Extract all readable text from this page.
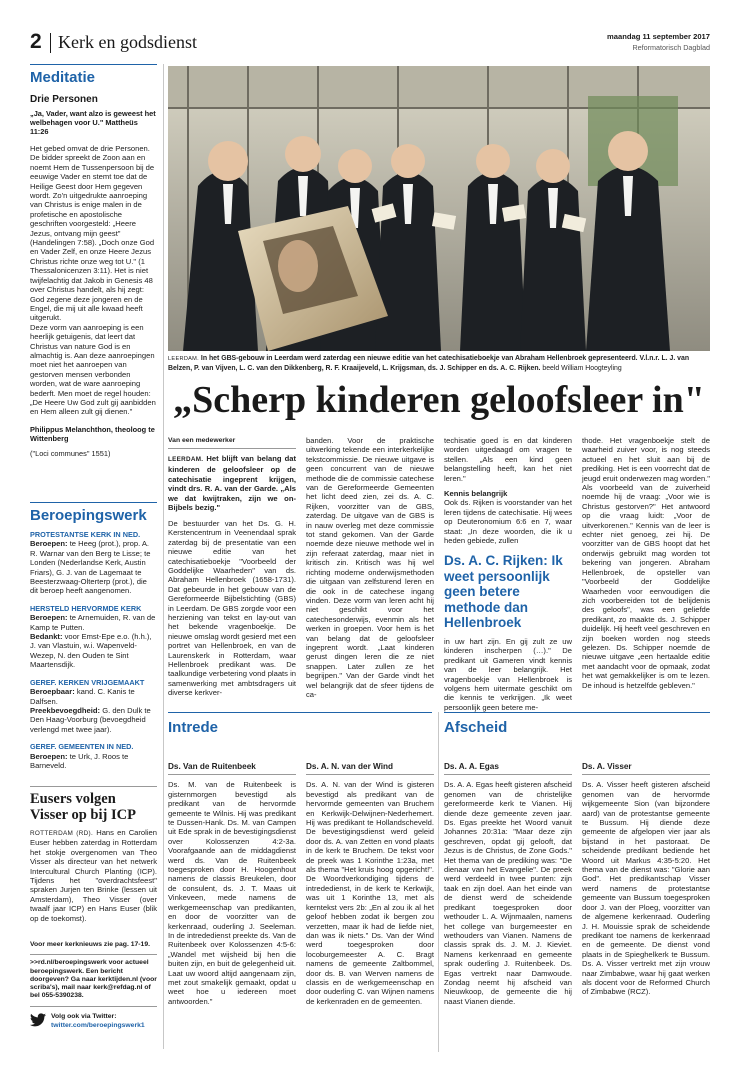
2 Kerk en godsdienst	maandag 11 september 2017
Reformatorisch Dagblad
Meditatie
Drie Personen
„Ja, Vader, want alzo is geweest het welbehagen voor U." Mattheüs 11:26

Het gebed omvat de drie Personen. De bidder spreekt de Zoon aan en noemt Hem de Tussenpersoon bij de eeuwige Vader en stemt toe dat de Heilige Geest door Hem gegeven wordt. Zo'n uitgedrukte aanroeping van Christus is enige malen in de profetische en apostolische geschriften voorgesteld: „Heere Jezus, ontvang mijn geest" (Handelingen 7:58). „Doch onze God en Vader Zelf, en onze Heere Jezus Christus richte onze weg tot U." (1 Thessalonicenzen 3:11). Het is niet twijfelachtig dat Jakob in Genesis 48 over Christus handelt, als hij zegt: God zegene deze jongeren en de Engel, die mij uit alle kwaad heeft uitgerukt.

Deze vorm van aanroeping is een heerlijk getuigenis, dat leert dat Christus van nature God is en almachtig is. Aan deze aanroepingen moet niet het aanroepen van gestorven mensen verbonden worden, wat de ware aanroeping bederft. Men moet de regel houden: „De Heere Uw God zult gij aanbidden en Hem alleen zult gij dienen."

Philippus Melanchthon, theoloog te Wittenberg
("Loci communes" 1551)
Beroepingswerk
PROTESTANTSE KERK IN NED.

Beroepen: te Heeg (prot.), prop. A. R. Warnar van den Berg te Lisse; te Londen (Nederlandse Kerk, Austin Friars), G. J. van de Lagemaat te Beesterzwaag-Olterterp (prot.), die dit beroep heeft aangenomen.

HERSTELD HERVORMDE KERK

Beroepen: te Arnemuiden, R. van de Kamp te Putten.

Bedankt: voor Emst-Epe e.o. (h.h.), J. van Vlastuin, w.i. Wapenveld-Wezep, N. den Ouden te Sint Maartensdijk.

GEREF. KERKEN VRIJGEMAAKT

Beroepbaar: kand. C. Kanis te Dalfsen.

Preekbevoegdheid: G. den Dulk te Den Haag-Voorburg (bevoegdheid verlengd met twee jaar).

GEREF. GEMEENTEN IN NED.

Beroepen: te Urk, J. Roos te Barneveld.

Eusers volgen Visser op bij ICP

ROTTERDAM (RD). Hans en Carolien Euser hebben zaterdag in Rotterdam het stokje overgenomen van Theo Visser als directeur van het netwerk Intercultural Church Planting (ICP). Tijdens het "overdrachtsfeest" spraken Jurjen ten Brinke (lessen uit Amsterdam), Theo Visser (over twaalf jaar ICP) en Hans Euser (blik op de toekomst).

Voor meer kerknieuws zie pag. 17-19.
>>rd.nl/beroepingswerk voor actueel beroepingswerk. Een bericht doorgeven? Ga naar kerktijden.nl (voor scriba's), mail naar kerk@refdag.nl of bel 055-5390238.
Volg ook via Twitter:
twitter.com/beroepingswerk1
LEERDAM. In het GBS-gebouw in Leerdam werd zaterdag een nieuwe editie van het catechisatieboekje van Abraham Hellenbroek gepresenteerd. V.l.n.r. L. J. van Belzen, P. van Vijven, L. C. van den Dikkenberg, R. F. Kraaijeveld, L. Krijgsman, ds. J. Schipper en ds. A. C. Rijken. beeld William Hoogteyling
„Scherp kinderen geloofsleer in"
Van een medewerker

LEERDAM. Het blijft van belang dat kinderen de geloofsleer op de catechisatie ingeprent krijgen, vindt drs. R. A. van der Garde. „Als we dat kwijtraken, zijn we on-Bijbels bezig."

De bestuurder van het Ds. G. H. Kerstencentrum in Veenendaal sprak zaterdag bij de presentatie van een nieuwe editie van het catechisatieboekje "Voorbeeld der Goddelijke Waarheden" van ds. Abraham Hellenbroek (1658-1731). Dat gebeurde in het gebouw van de Gereformeerde Bijbelstichting (GBS) in Leerdam. De GBS zorgde voor een herziening van tekst en lay-out van het bekende vragenboekje. De nieuwe omslag wordt gesierd met een portret van Hellenbroek, en van de Laurenskerk in Rotterdam, waar Hellenbroek predikant was. De taalkundige verbetering vond plaats in samenwerking met ambtsdragers uit diverse kerkver-

banden. Voor de praktische uitwerking tekende een interkerkelijke tekstcommissie. De nieuwe uitgave is geen concurrent van de nieuwe methode die de commissie catechese van de Gereformeerde Gemeenten het licht deed zien, zei ds. A. C. Rijken, voorzitter van de GBS, zaterdag. De uitgave van de GBS is in nauw overleg met deze commissie tot stand gekomen. Van der Garde noemde deze nieuwe methode wel in zijn referaat zaterdag, maar niet in kritisch zin. Kritisch was hij wel richting moderne onderwijsmethoden die uitgaan van zelfsturend leren en die ook in de catechese ingang vinden. Deze vorm van leren acht hij niet geschikt voor het catechesonderwijs, evenmin als het werken in groepen. Voor hem is het van belang dat de geloofsleer ingeprent wordt. „Laat kinderen gerust dingen leren die ze niet snappen. Later zullen ze het begrijpen." Van der Garde vindt het wel belangrijk dat de sfeer tijdens de ca-

techisatie goed is en dat kinderen worden uitgedaagd om vragen te stellen. „Als een kind geen belangstelling heeft, kan het niet leren."

Kennis belangrijk

Ook ds. Rijken is voorstander van het leren tijdens de catechisatie. Hij wees op Deuteronomium 6:6 en 7, waar staat: „In deze woorden, die ik u heden gebiede, zullen

Ds. A. C. Rijken: Ik weet persoonlijk geen betere methode dan Hellenbroek

in uw hart zijn. En gij zult ze uw kinderen inscherpen (…)." De predikant uit Gameren vindt kennis van de leer belangrijk. Het vragenboekje van Hellenbroek is volgens hem uitermate geschikt om die kennis te verkrijgen. „Ik weet persoonlijk geen betere me-

thode. Het vragenboekje stelt de waarheid zuiver voor, is nog steeds actueel en het sluit aan bij de prediking. Het is een voorrecht dat de jeugd eruit onderwezen mag worden." Als voorbeeld van de zuiverheid noemde hij de vraag: „Voor wie is Christus gestorven?" Het antwoord op die vraag luidt: „Voor de uitverkorenen." Kennis van de leer is echter niet genoeg, zei hij. De voorzitter van de GBS hoopt dat het onderwijs gebruikt mag worden tot bekering van jongeren. Abraham Hellenbroek, de opsteller van "Voorbeeld der Goddelijke Waarheden voor eenvoudigen die zich voorbereiden tot de belijdenis des geloofs", was een geliefde predikant, zo maakte ds. J. Schipper duidelijk. Hij heeft veel geschreven en zijn boeken worden nog steeds gelezen. Ds. Schipper noemde de nieuwe uitgave „een hertaalde editie met aandacht voor de opmaak, zodat het wat gemakkelijker is om te lezen. De inhoud is hetzelfde gebleven."

Intrede
Ds. Van de Ruitenbeek

Ds. M. van de Ruitenbeek is gisternmorgen bevestigd als predikant van de hervormde gemeente te Wilnis. Hij was predikant te Dussen-Hank. Ds. M. van Campen uit Ede sprak in de bevestigingsdienst over Kolossenzen 4:2-3a. Voorafgaande aan de middagdienst werd ds. Van de Ruitenbeek toegesproken door H. Hoogenhout namens de classis Breukelen, door de consulent, ds. J. T. Maas uit Vinkeveen, mede namens de werkgemeenschap van predikanten, en door de voorzitter van de kerkenraad, ouderling J. Seeleman. In de intrededienst preekte ds. Van de Ruitenbeek over Kolossenzen 4:5-6: „Wandel met wijsheid bij hen die buiten zijn, en buit de gelegenheid uit. Laat uw woord altijd aangenaam zijn, met zout smakelijk gemaakt, opdat u weet hoe u iedereen moet antwoorden."

Ds. A. N. van der Wind

Ds. A. N. van der Wind is gisteren bevestigd als predikant van de hervormde gemeenten van Bruchem en Kerkwijk-Delwijnen-Nederhemert. Hij was predikant te Hollandscheveld. De bevestigingsdienst werd geleid door ds. A. van Zetten en vond plaats in de kerk te Bruchem. De tekst voor de preek was 1 Korinthe 1:23a, met als thema "Het kruis hoog opgericht!". De Woordverkondiging tijdens de intrededienst, in de kerk te Kerkwijk, was uit 1 Korinthe 13, met als kerntekst vers 2b: „En al zou ik al het geloof hebben zodat ik bergen zou verzetten, maar ik had de liefde niet, dan was ik niets." Ds. Van der Wind werd toegesproken door locoburgemeester A. C. Bragt namens de gemeente Zaltbommel, door ds. B. van Werven namens de classis en de werkgemeenschap en door ouderling C. van Wijnen namens de kerkenraden en de gemeenten.

Afscheid
Ds. A. A. Egas

Ds. A. A. Egas heeft gisteren afscheid genomen van de christelijke gereformeerde kerk te Vianen. Hij diende deze gemeente zeven jaar. Ds. Egas preekte het Woord vanuit Johannes 20:31a: "Maar deze zijn geschreven, opdat gij gelooft, dat Jezus is de Christus, de Zone Gods." Het thema van de prediking was: "De dienaar van het Evangelie". De preek werd verdeeld in twee punten: zijn taak en zijn doel. Aan het einde van de dienst werd de scheidende predikant toegesproken door wethouder L. A. Wijnmaalen, namens het college van burgemeester en wethouders van Vianen. Namens de classis sprak ds. J. M. J. Kieviet. Namens kerkenraad en gemeente sprak ouderling J. Ruitenbeek. Ds. Egas vertrekt naar Damwoude. Zondag neemt hij afscheid van Nieuwkoop, de gemeente die hij naast Vianen diende.

Ds. A. Visser

Ds. A. Visser heeft gisteren afscheid genomen van de hervormde wijkgemeente Sion (van bijzondere aard) van de protestantse gemeente te Bussum. Hij diende deze gemeente de afgelopen vier jaar als bijstand in het pastoraat. De scheidende predikant bediende het Woord uit Markus 4:35-5:20. Het thema van de dienst was: "Glorie aan God". Het predikantschap Visser werd namens de protestantse gemeente van Bussum toegesproken door J. van der Ploeg, voorzitter van de algemene kerkenraad. Ouderling J. H. Mouissie sprak de scheidende predikant toe namens de kerkenraad en de gemeente. De dienst vond plaats in de Spieghelkerk te Bussum. Ds. A. Visser vertrekt met zijn vrouw naar Zimbabwe, waar hij gaat werken als docent voor de Reformed Church of Zimbabwe (RCZ).
